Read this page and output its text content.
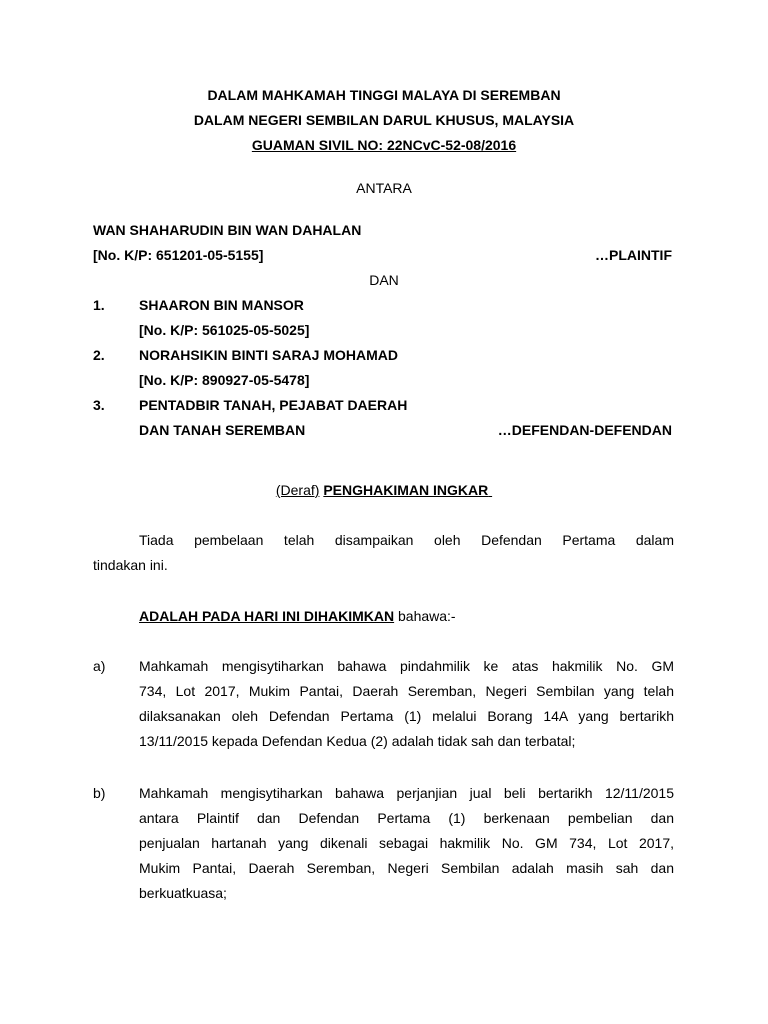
DALAM MAHKAMAH TINGGI MALAYA DI SEREMBAN
DALAM NEGERI SEMBILAN DARUL KHUSUS, MALAYSIA
GUAMAN SIVIL NO: 22NCvC-52-08/2016
ANTARA
WAN SHAHARUDIN BIN WAN DAHALAN
[No. K/P: 651201-05-5155]	…PLAINTIF
DAN
1. SHAARON BIN MANSOR
[No. K/P: 561025-05-5025]
2. NORAHSIKIN BINTI SARAJ MOHAMAD
[No. K/P: 890927-05-5478]
3. PENTADBIR TANAH, PEJABAT DAERAH
DAN TANAH SEREMBAN	…DEFENDAN-DEFENDAN
(Deraf) PENGHAKIMAN INGKAR
Tiada pembelaan telah disampaikan oleh Defendan Pertama dalam
tindakan ini.
ADALAH PADA HARI INI DIHAKIMKAN bahawa:-
a) Mahkamah mengisytiharkan bahawa pindahmilik ke atas hakmilik No. GM
734, Lot 2017, Mukim Pantai, Daerah Seremban, Negeri Sembilan yang telah
dilaksanakan oleh Defendan Pertama (1) melalui Borang 14A yang bertarikh
13/11/2015 kepada Defendan Kedua (2) adalah tidak sah dan terbatal;
b) Mahkamah mengisytiharkan bahawa perjanjian jual beli bertarikh 12/11/2015
antara Plaintif dan Defendan Pertama (1) berkenaan pembelian dan
penjualan hartanah yang dikenali sebagai hakmilik No. GM 734, Lot 2017,
Mukim Pantai, Daerah Seremban, Negeri Sembilan adalah masih sah dan
berkuatkuasa;
